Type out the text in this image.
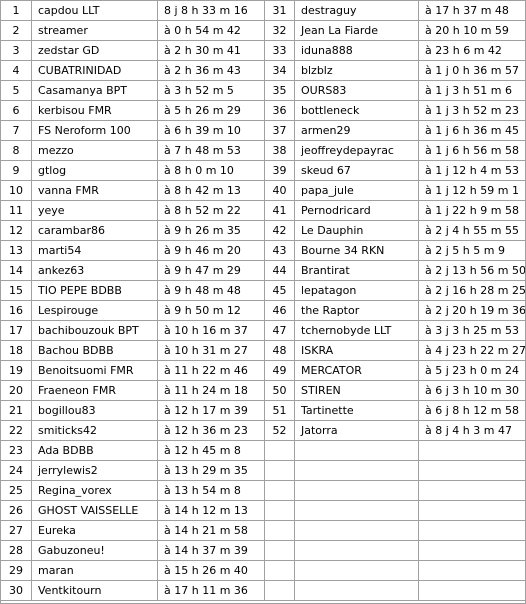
1	capdou LLT	8 j 8 h 33 m 16	31	destraguy	à 17 h 37 m 48
2	streamer	à 0 h 54 m 42	32	Jean La Fiarde	à 20 h 10 m 59
3	zedstar GD	à 2 h 30 m 41	33	iduna888	à 23 h 6 m 42
4	CUBATRINIDAD	à 2 h 36 m 43	34	blzblz	à 1 j 0 h 36 m 57
5	Casamanya BPT	à 3 h 52 m 5	35	OURS83	à 1 j 3 h 51 m 6
6	kerbisou FMR	à 5 h 26 m 29	36	bottleneck	à 1 j 3 h 52 m 23
7	FS Neroform 100	à 6 h 39 m 10	37	armen29	à 1 j 6 h 36 m 45
8	mezzo	à 7 h 48 m 53	38	jeoffreydepayrac	à 1 j 6 h 56 m 58
9	gtlog	à 8 h 0 m 10	39	skeud 67	à 1 j 12 h 4 m 53
10	vanna FMR	à 8 h 42 m 13	40	papa_jule	à 1 j 12 h 59 m 1
11	yeye	à 8 h 52 m 22	41	Pernodricard	à 1 j 22 h 9 m 58
12	carambar86	à 9 h 26 m 35	42	Le Dauphin	à 2 j 4 h 55 m 55
13	marti54	à 9 h 46 m 20	43	Bourne 34 RKN	à 2 j 5 h 5 m 9
14	ankez63	à 9 h 47 m 29	44	Brantirat	à 2 j 13 h 56 m 50
15	TIO PEPE BDBB	à 9 h 48 m 48	45	lepatagon	à 2 j 16 h 28 m 25
16	Lespirouge	à 9 h 50 m 12	46	the Raptor	à 2 j 20 h 19 m 36
17	bachibouzouk BPT	à 10 h 16 m 37	47	tchernobyde LLT	à 3 j 3 h 25 m 53
18	Bachou BDBB	à 10 h 31 m 27	48	ISKRA	à 4 j 23 h 22 m 27
19	Benoitsuomi FMR	à 11 h 22 m 46	49	MERCATOR	à 5 j 23 h 0 m 24
20	Fraeneon FMR	à 11 h 24 m 18	50	STIREN	à 6 j 3 h 10 m 30
21	bogillou83	à 12 h 17 m 39	51	Tartinette	à 6 j 8 h 12 m 58
22	smiticks42	à 12 h 36 m 23	52	Jatorra	à 8 j 4 h 3 m 47
23	Ada BDBB	à 12 h 45 m 8			
24	jerrylewis2	à 13 h 29 m 35			
25	Regina_vorex	à 13 h 54 m 8			
26	GHOST VAISSELLE	à 14 h 12 m 13			
27	Eureka	à 14 h 21 m 58			
28	Gabuzoneu!	à 14 h 37 m 39			
29	maran	à 15 h 26 m 40			
30	Ventkitourn	à 17 h 11 m 36			
